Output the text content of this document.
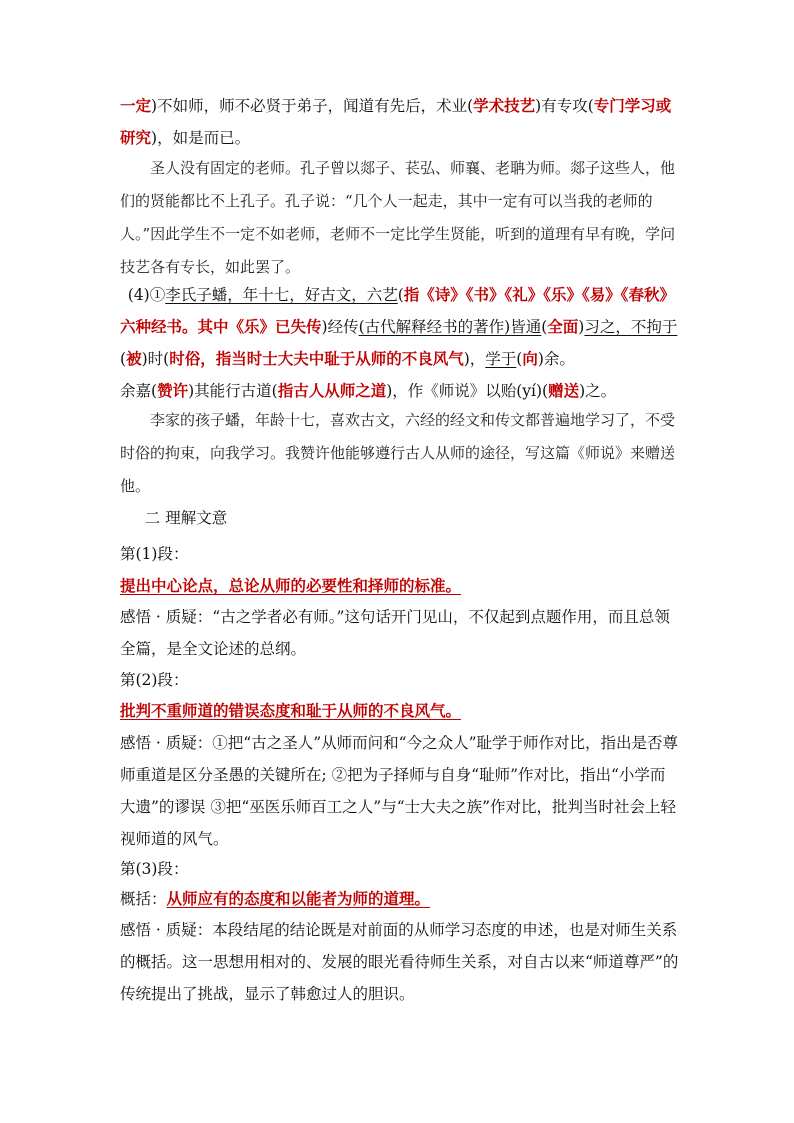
一定)不如师，师不必贤于弟子，闻道有先后，术业(学术技艺)有专攻(专门学习或研究)，如是而已。

圣人没有固定的老师。孔子曾以郯子、苌弘、师襄、老聃为师。郯子这些人，他们的贤能都比不上孔子。孔子说：“几个人一起走，其中一定有可以当我的老师的人。”因此学生不一定不如老师，老师不一定比学生贤能，听到的道理有早有晚，学问技艺各有专长，如此罢了。

(4)①李氏子蟠，年十七，好古文，六艺(指《诗》《书》《礼》《乐》《易》《春秋》六种经书。其中《乐》已失传)经传(古代解释经书的著作)皆通(全面)习之，不拘于(被)时(时俗，指当时士大夫中耻于从师的不良风气)，学于(向)余。

余嘉(赞许)其能行古道(指古人从师之道)，作《师说》以贻(yí)(赠送)之。

李家的孩子蟠，年龄十七，喜欢古文，六经的经文和传文都普遍地学习了，不受时俗的拘束，向我学习。我赞许他能够遵行古人从师的途径，写这篇《师说》来赠送他。

二 理解文意

第(1)段：

提出中心论点，总论从师的必要性和择师的标准。

感悟 · 质疑：“古之学者必有师。”这句话开门见山，不仅起到点题作用，而且总领全篇，是全文论述的总纲。

第(2)段：

批判不重师道的错误态度和耻于从师的不良风气。

感悟 · 质疑：①把“古之圣人”从师而问和“今之众人”耻学于师作对比，指出是否尊师重道是区分圣愚的关键所在; ②把为子择师与自身“耻师”作对比，指出“小学而大遗”的谬误 ③把“巫医乐师百工之人”与“士大夫之族”作对比，批判当时社会上轻视师道的风气。

第(3)段：

概括：从师应有的态度和以能者为师的道理。

感悟 · 质疑：本段结尾的结论既是对前面的从师学习态度的申述，也是对师生关系的概括。这一思想用相对的、发展的眼光看待师生关系，对自古以来“师道尊严”的传统提出了挑战，显示了韩愈过人的胆识。
